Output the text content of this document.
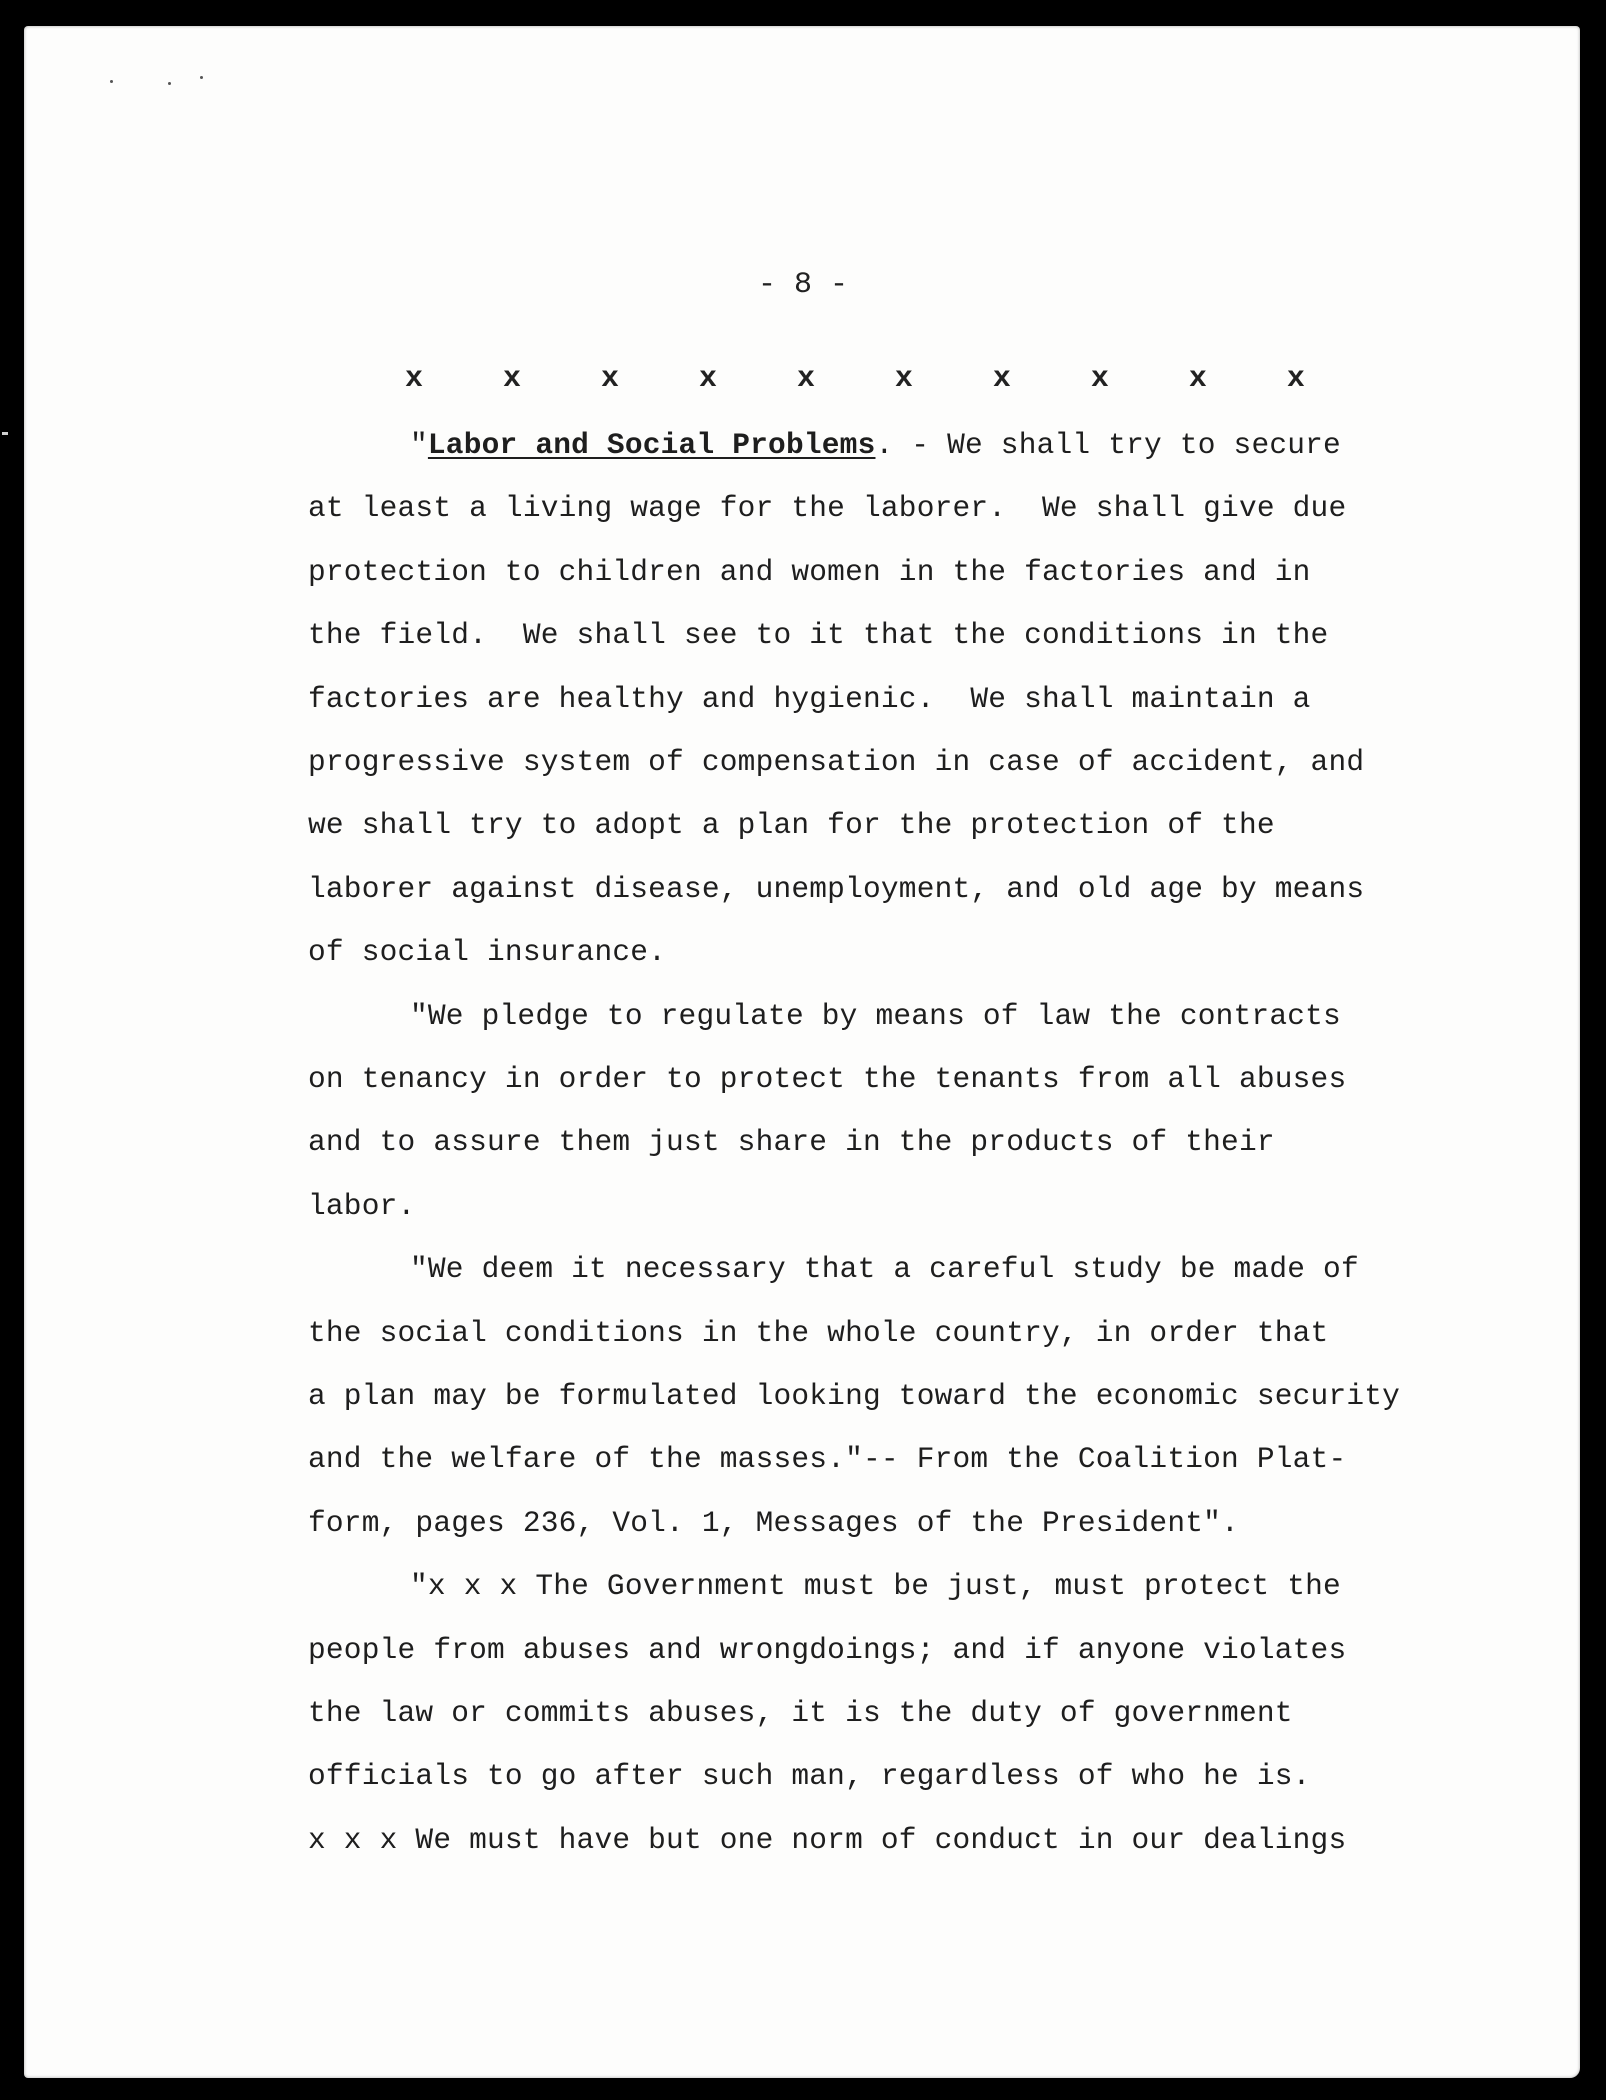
- 8 -
x	x	x	x	x	x	x	x	x	x
"Labor and Social Problems. - We shall try to secure
at least a living wage for the laborer.  We shall give due
protection to children and women in the factories and in
the field.  We shall see to it that the conditions in the
factories are healthy and hygienic.  We shall maintain a
progressive system of compensation in case of accident, and
we shall try to adopt a plan for the protection of the
laborer against disease, unemployment, and old age by means
of social insurance.
"We pledge to regulate by means of law the contracts
on tenancy in order to protect the tenants from all abuses
and to assure them just share in the products of their
labor.
"We deem it necessary that a careful study be made of
the social conditions in the whole country, in order that
a plan may be formulated looking toward the economic security
and the welfare of the masses."-- From the Coalition Plat-
form, pages 236, Vol. 1, Messages of the President".
"x x x The Government must be just, must protect the
people from abuses and wrongdoings; and if anyone violates
the law or commits abuses, it is the duty of government
officials to go after such man, regardless of who he is.
x x x We must have but one norm of conduct in our dealings
